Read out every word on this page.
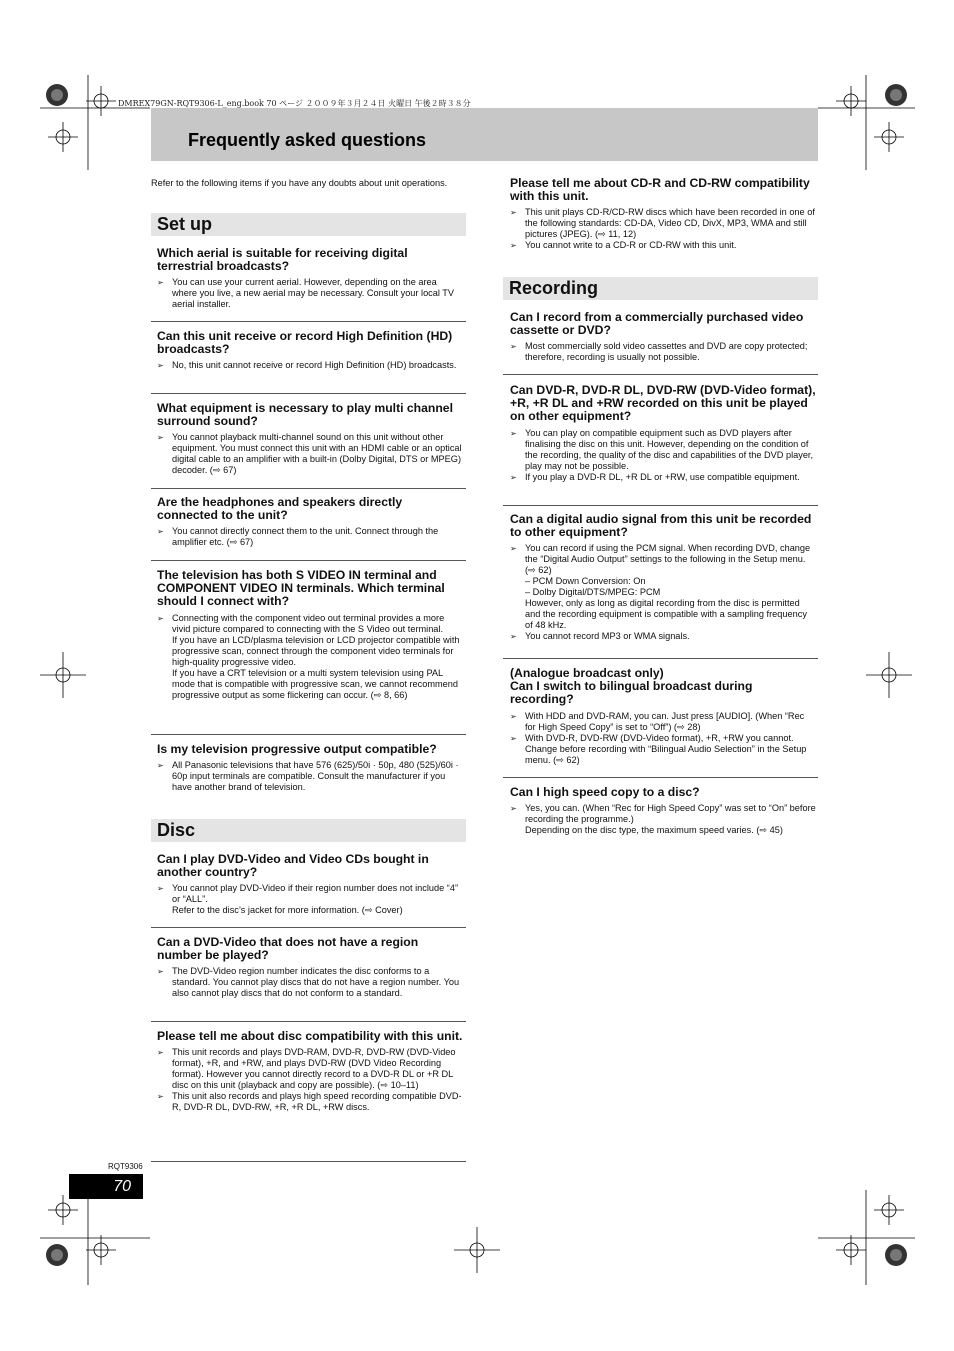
DMREX79GN-RQT9306-L_eng.book 70 ページ ２００９年３月２４日 火曜日 午後２時３８分
Frequently asked questions
Refer to the following items if you have any doubts about unit operations.
Set up

Which aerial is suitable for receiving digital terrestrial broadcasts?

➢ You can use your current aerial. However, depending on the area where you live, a new aerial may be necessary. Consult your local TV aerial installer.

Can this unit receive or record High Definition (HD) broadcasts?

➢ No, this unit cannot receive or record High Definition (HD) broadcasts.

What equipment is necessary to play multi channel surround sound?

➢ You cannot playback multi-channel sound on this unit without other equipment. You must connect this unit with an HDMI cable or an optical digital cable to an amplifier with a built-in (Dolby Digital, DTS or MPEG) decoder. (⇨ 67)

Are the headphones and speakers directly connected to the unit?

➢ You cannot directly connect them to the unit. Connect through the amplifier etc. (⇨ 67)

The television has both S VIDEO IN terminal and COMPONENT VIDEO IN terminals. Which terminal should I connect with?

➢ Connecting with the component video out terminal provides a more vivid picture compared to connecting with the S Video out terminal.
If you have an LCD/plasma television or LCD projector compatible with progressive scan, connect through the component video terminals for high-quality progressive video.
If you have a CRT television or a multi system television using PAL mode that is compatible with progressive scan, we cannot recommend progressive output as some flickering can occur. (⇨ 8, 66)

Is my television progressive output compatible?

➢ All Panasonic televisions that have 576 (625)/50i · 50p, 480 (525)/60i · 60p input terminals are compatible. Consult the manufacturer if you have another brand of television.
Disc

Can I play DVD-Video and Video CDs bought in another country?

➢ You cannot play DVD-Video if their region number does not include “4” or “ALL”.
Refer to the disc’s jacket for more information. (⇨ Cover)

Can a DVD-Video that does not have a region number be played?

➢ The DVD-Video region number indicates the disc conforms to a standard. You cannot play discs that do not have a region number. You also cannot play discs that do not conform to a standard.

Please tell me about disc compatibility with this unit.

➢ This unit records and plays DVD-RAM, DVD-R, DVD-RW (DVD-Video format), +R, and +RW, and plays DVD-RW (DVD Video Recording format). However you cannot directly record to a DVD-R DL or +R DL disc on this unit (playback and copy are possible). (⇨ 10–11)
➢ This unit also records and plays high speed recording compatible DVD-R, DVD-R DL, DVD-RW, +R, +R DL, +RW discs.

Please tell me about CD-R and CD-RW compatibility with this unit.

➢ This unit plays CD-R/CD-RW discs which have been recorded in one of the following standards: CD-DA, Video CD, DivX, MP3, WMA and still pictures (JPEG). (⇨ 11, 12)
➢ You cannot write to a CD-R or CD-RW with this unit.
Recording

Can I record from a commercially purchased video cassette or DVD?

➢ Most commercially sold video cassettes and DVD are copy protected; therefore, recording is usually not possible.

Can DVD-R, DVD-R DL, DVD-RW (DVD-Video format), +R, +R DL and +RW recorded on this unit be played on other equipment?

➢ You can play on compatible equipment such as DVD players after finalising the disc on this unit. However, depending on the condition of the recording, the quality of the disc and capabilities of the DVD player, play may not be possible.
➢ If you play a DVD-R DL, +R DL or +RW, use compatible equipment.

Can a digital audio signal from this unit be recorded to other equipment?

➢ You can record if using the PCM signal. When recording DVD, change the “Digital Audio Output” settings to the following in the Setup menu. (⇨ 62)
– PCM Down Conversion: On
– Dolby Digital/DTS/MPEG: PCM
However, only as long as digital recording from the disc is permitted and the recording equipment is compatible with a sampling frequency of 48 kHz.
➢ You cannot record MP3 or WMA signals.

(Analogue broadcast only)

Can I switch to bilingual broadcast during recording?

➢ With HDD and DVD-RAM, you can. Just press [AUDIO]. (When “Rec for High Speed Copy” is set to “Off”) (⇨ 28)
➢ With DVD-R, DVD-RW (DVD-Video format), +R, +RW you cannot. Change before recording with “Bilingual Audio Selection” in the Setup menu. (⇨ 62)

Can I high speed copy to a disc?

➢ Yes, you can. (When “Rec for High Speed Copy” was set to “On” before recording the programme.)
Depending on the disc type, the maximum speed varies. (⇨ 45)
RQT9306
70
